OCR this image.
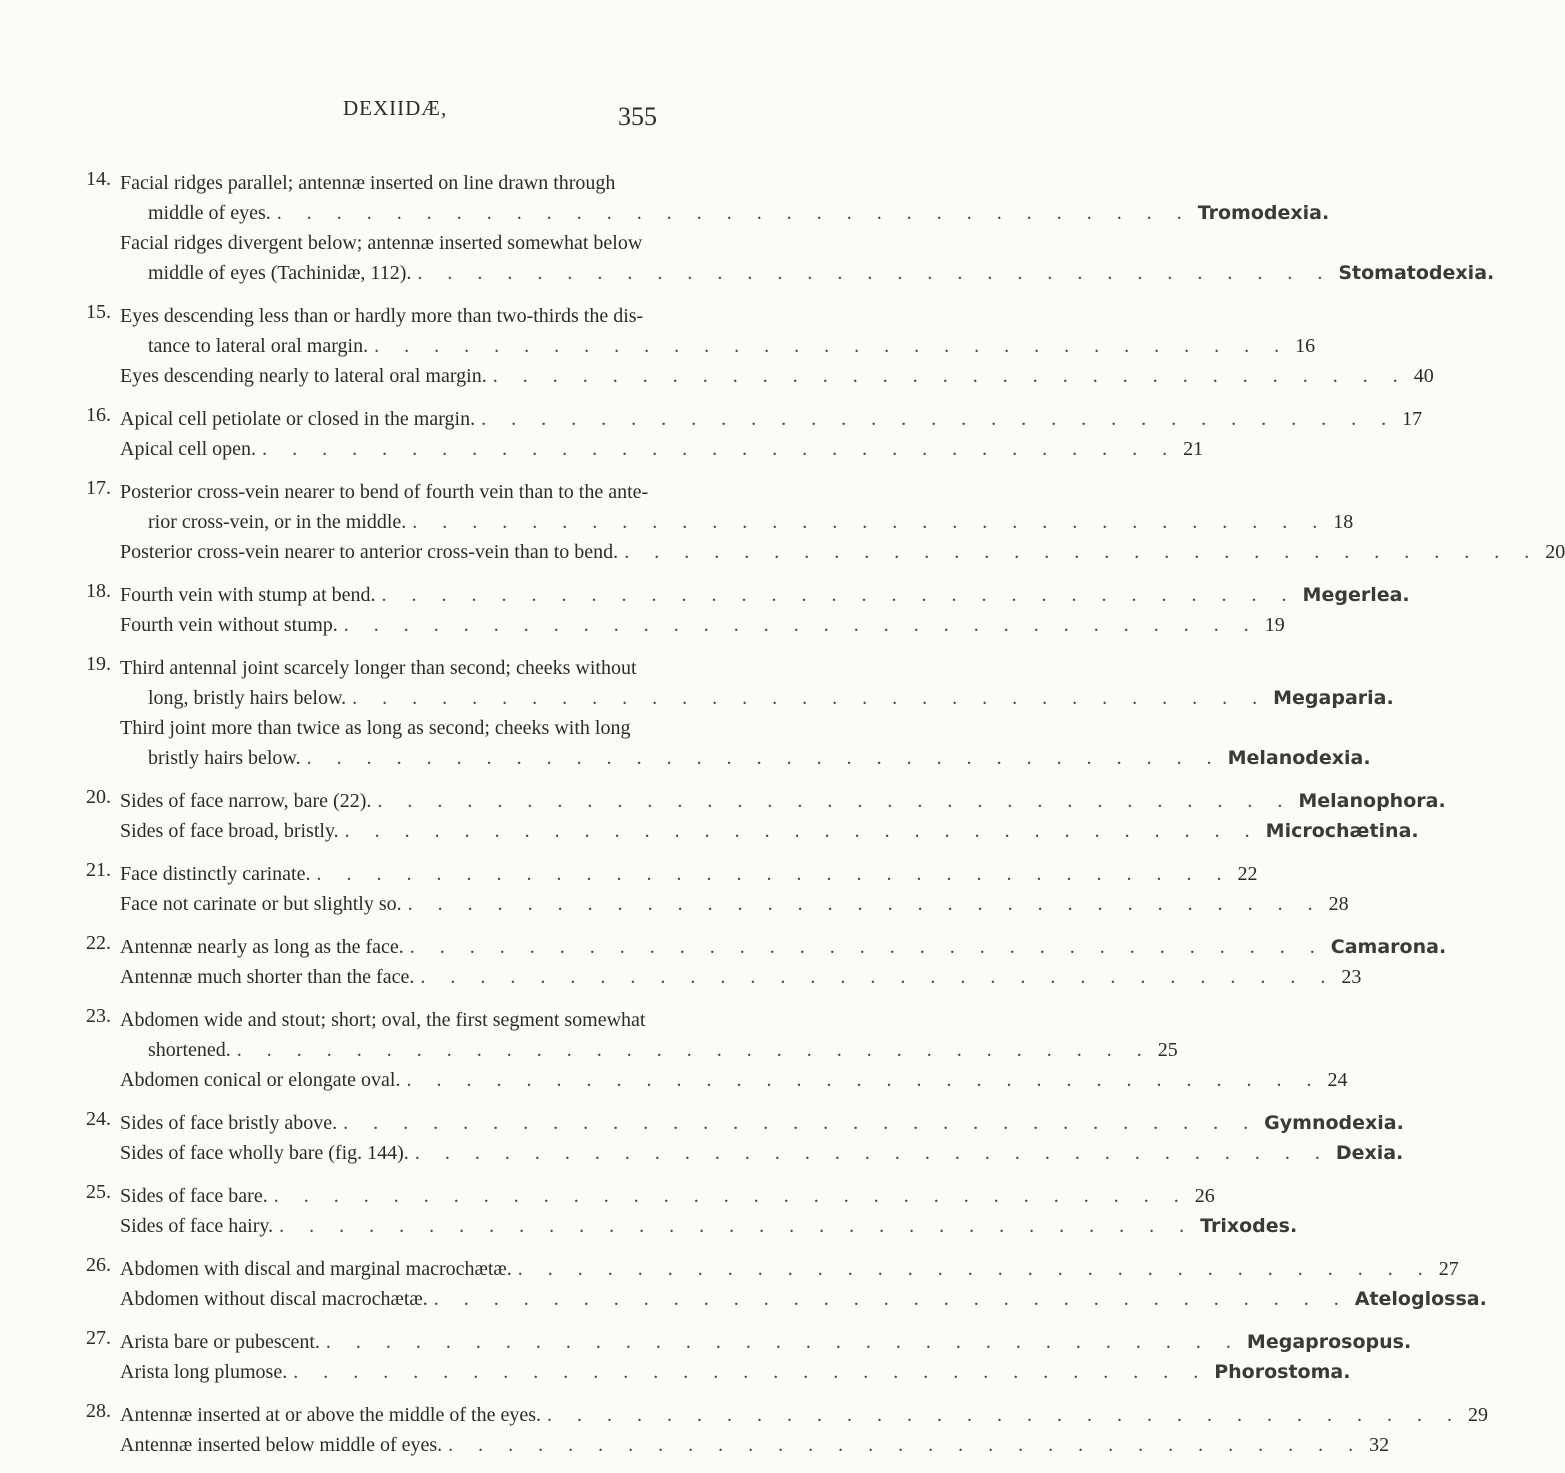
DEXIIDÆ,	355
14. Facial ridges parallel; antennæ inserted on line drawn through
middle of eyes. . . . . . . . . . . . . . . . . . . . . . . . . . . . . . . . Tromodexia.
Facial ridges divergent below; antennæ inserted somewhat below
middle of eyes (Tachinidæ, 112). . . . . . . . . . . . . . . . . . . . . . . . . . . . . . . . Stomatodexia.
15. Eyes descending less than or hardly more than two-thirds the dis-
tance to lateral oral margin. . . . . . . . . . . . . . . . . . . . . . . . . . . . . . . . 16
Eyes descending nearly to lateral oral margin. . . . . . . . . . . . . . . . . . . . . . . . . . . . . . . . 40
16. Apical cell petiolate or closed in the margin. . . . . . . . . . . . . . . . . . . . . . . . . . . . . . . . 17
Apical cell open. . . . . . . . . . . . . . . . . . . . . . . . . . . . . . . . 21
17. Posterior cross-vein nearer to bend of fourth vein than to the ante-
rior cross-vein, or in the middle. . . . . . . . . . . . . . . . . . . . . . . . . . . . . . . . 18
Posterior cross-vein nearer to anterior cross-vein than to bend. . . . . . . . . . . . . . . . . . . . . . . . . . . . . . . . 20
18. Fourth vein with stump at bend. . . . . . . . . . . . . . . . . . . . . . . . . . . . . . . . Megerlea.
Fourth vein without stump. . . . . . . . . . . . . . . . . . . . . . . . . . . . . . . . 19
19. Third antennal joint scarcely longer than second; cheeks without
long, bristly hairs below. . . . . . . . . . . . . . . . . . . . . . . . . . . . . . . . Megaparia.
Third joint more than twice as long as second; cheeks with long
bristly hairs below. . . . . . . . . . . . . . . . . . . . . . . . . . . . . . . . Melanodexia.
20. Sides of face narrow, bare (22). . . . . . . . . . . . . . . . . . . . . . . . . . . . . . . . Melanophora.
Sides of face broad, bristly. . . . . . . . . . . . . . . . . . . . . . . . . . . . . . . . Microchætina.
21. Face distinctly carinate. . . . . . . . . . . . . . . . . . . . . . . . . . . . . . . . 22
Face not carinate or but slightly so. . . . . . . . . . . . . . . . . . . . . . . . . . . . . . . . 28
22. Antennæ nearly as long as the face. . . . . . . . . . . . . . . . . . . . . . . . . . . . . . . . Camarona.
Antennæ much shorter than the face. . . . . . . . . . . . . . . . . . . . . . . . . . . . . . . . 23
23. Abdomen wide and stout; short; oval, the first segment somewhat
shortened. . . . . . . . . . . . . . . . . . . . . . . . . . . . . . . . 25
Abdomen conical or elongate oval. . . . . . . . . . . . . . . . . . . . . . . . . . . . . . . . 24
24. Sides of face bristly above. . . . . . . . . . . . . . . . . . . . . . . . . . . . . . . . Gymnodexia.
Sides of face wholly bare (fig. 144). . . . . . . . . . . . . . . . . . . . . . . . . . . . . . . . Dexia.
25. Sides of face bare. . . . . . . . . . . . . . . . . . . . . . . . . . . . . . . . 26
Sides of face hairy. . . . . . . . . . . . . . . . . . . . . . . . . . . . . . . . Trixodes.
26. Abdomen with discal and marginal macrochætæ. . . . . . . . . . . . . . . . . . . . . . . . . . . . . . . . 27
Abdomen without discal macrochætæ. . . . . . . . . . . . . . . . . . . . . . . . . . . . . . . . Ateloglossa.
27. Arista bare or pubescent. . . . . . . . . . . . . . . . . . . . . . . . . . . . . . . . Megaprosopus.
Arista long plumose. . . . . . . . . . . . . . . . . . . . . . . . . . . . . . . . Phorostoma.
28. Antennæ inserted at or above the middle of the eyes. . . . . . . . . . . . . . . . . . . . . . . . . . . . . . . . 29
Antennæ inserted below middle of eyes. . . . . . . . . . . . . . . . . . . . . . . . . . . . . . . . 32
